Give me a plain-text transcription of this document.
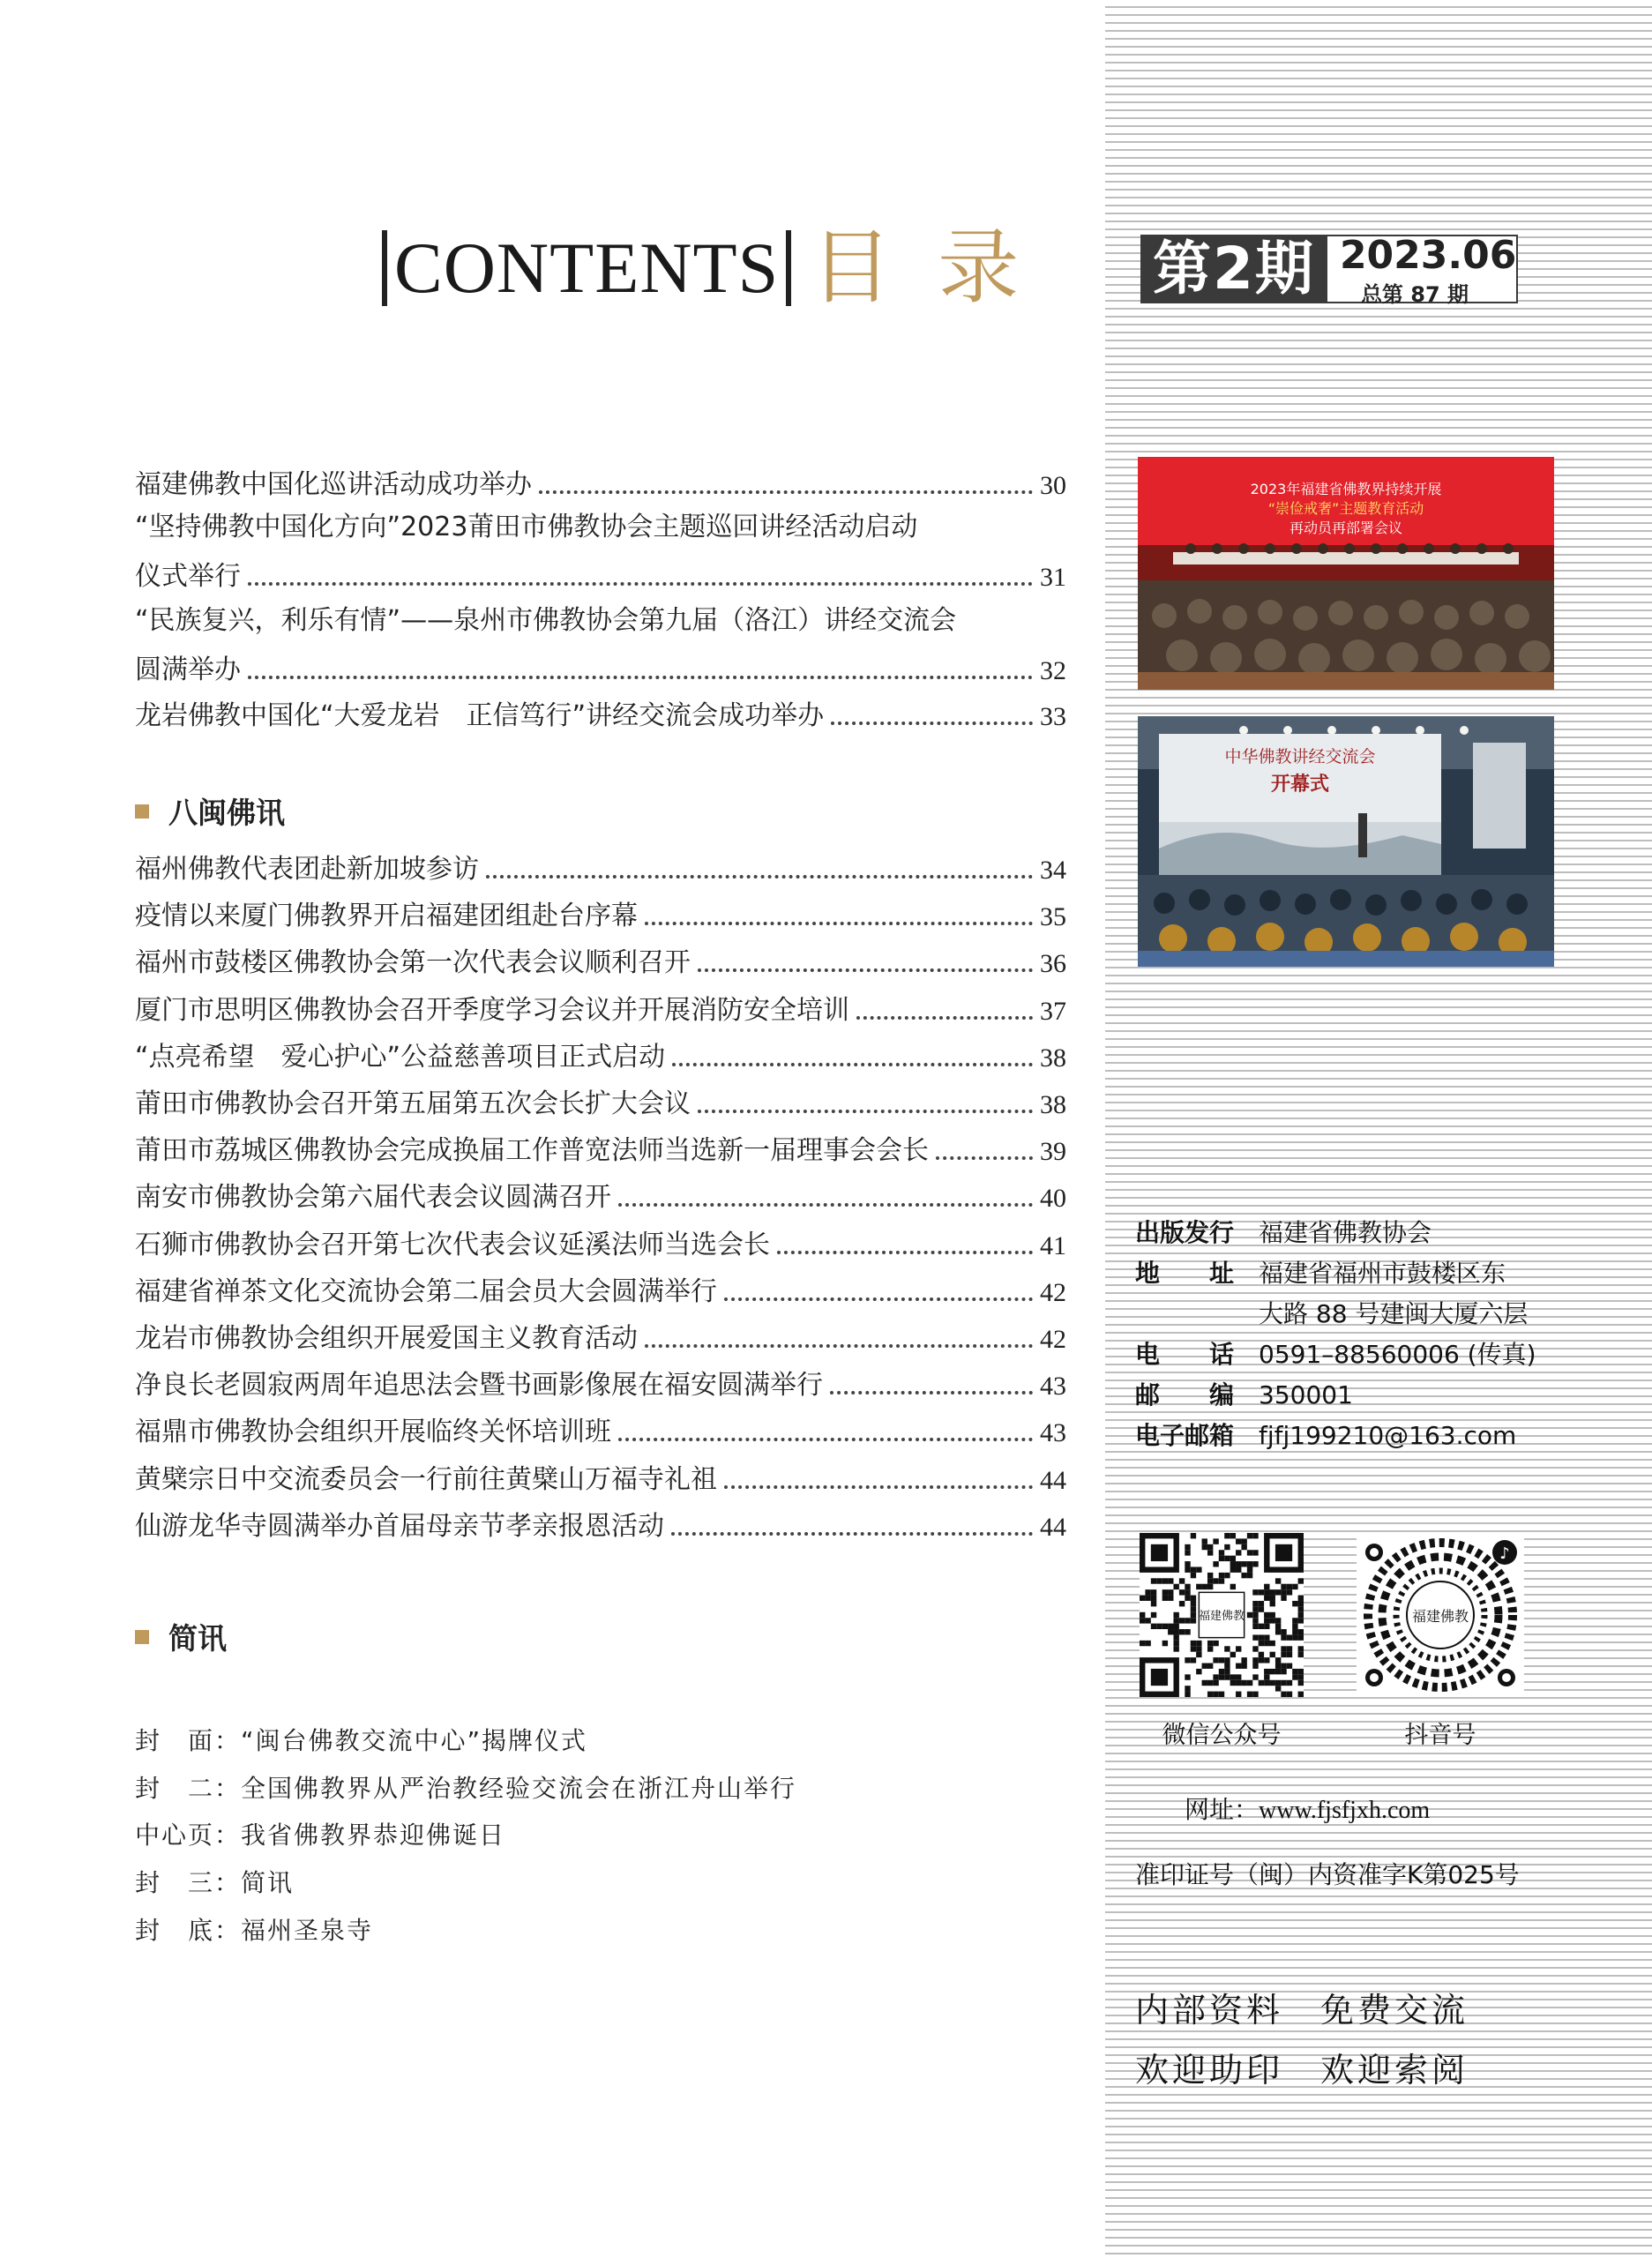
CONTENTS 目录 第2期 2023.06
总第 87 期
福建佛教中国化巡讲活动成功举办	30
“坚持佛教中国化方向”2023莆田市佛教协会主题巡回讲经活动启动
仪式举行	31
“民族复兴，利乐有情”——泉州市佛教协会第九届（洛江）讲经交流会
圆满举办	32
龙岩佛教中国化“大爱龙岩　正信笃行”讲经交流会成功举办	33
八闽佛讯
福州佛教代表团赴新加坡参访	34
疫情以来厦门佛教界开启福建团组赴台序幕	35
福州市鼓楼区佛教协会第一次代表会议顺利召开	36
厦门市思明区佛教协会召开季度学习会议并开展消防安全培训	37
“点亮希望　爱心护心”公益慈善项目正式启动	38
莆田市佛教协会召开第五届第五次会长扩大会议	38
莆田市荔城区佛教协会完成换届工作普宽法师当选新一届理事会会长	39
南安市佛教协会第六届代表会议圆满召开	40
石狮市佛教协会召开第七次代表会议延溪法师当选会长	41
福建省禅茶文化交流协会第二届会员大会圆满举行	42
龙岩市佛教协会组织开展爱国主义教育活动	42
净良长老圆寂两周年追思法会暨书画影像展在福安圆满举行	43
福鼎市佛教协会组织开展临终关怀培训班	43
黄檗宗日中交流委员会一行前往黄檗山万福寺礼祖	44
仙游龙华寺圆满举办首届母亲节孝亲报恩活动	44
简讯
封　面：“闽台佛教交流中心”揭牌仪式
封　二：全国佛教界从严治教经验交流会在浙江舟山举行
中心页：我省佛教界恭迎佛诞日
封　三：简讯
封　底：福州圣泉寺
2023年福建省佛教界持续开展
“崇俭戒奢”主题教育活动
再动员再部署会议
中华佛教讲经交流会
开幕式
出版发行 福建省佛教协会
地　　址 福建省福州市鼓楼区东
大路 88 号建闽大厦六层
电　　话 0591–88560006 (传真)
邮　　编 350001
电子邮箱 fjfj199210@163.com
福建佛教
微信公众号
福建佛教
♪
抖音号
网址：www.fjsfjxh.com
准印证号（闽）内资准字K第025号
内部资料　免费交流
欢迎助印　欢迎索阅
